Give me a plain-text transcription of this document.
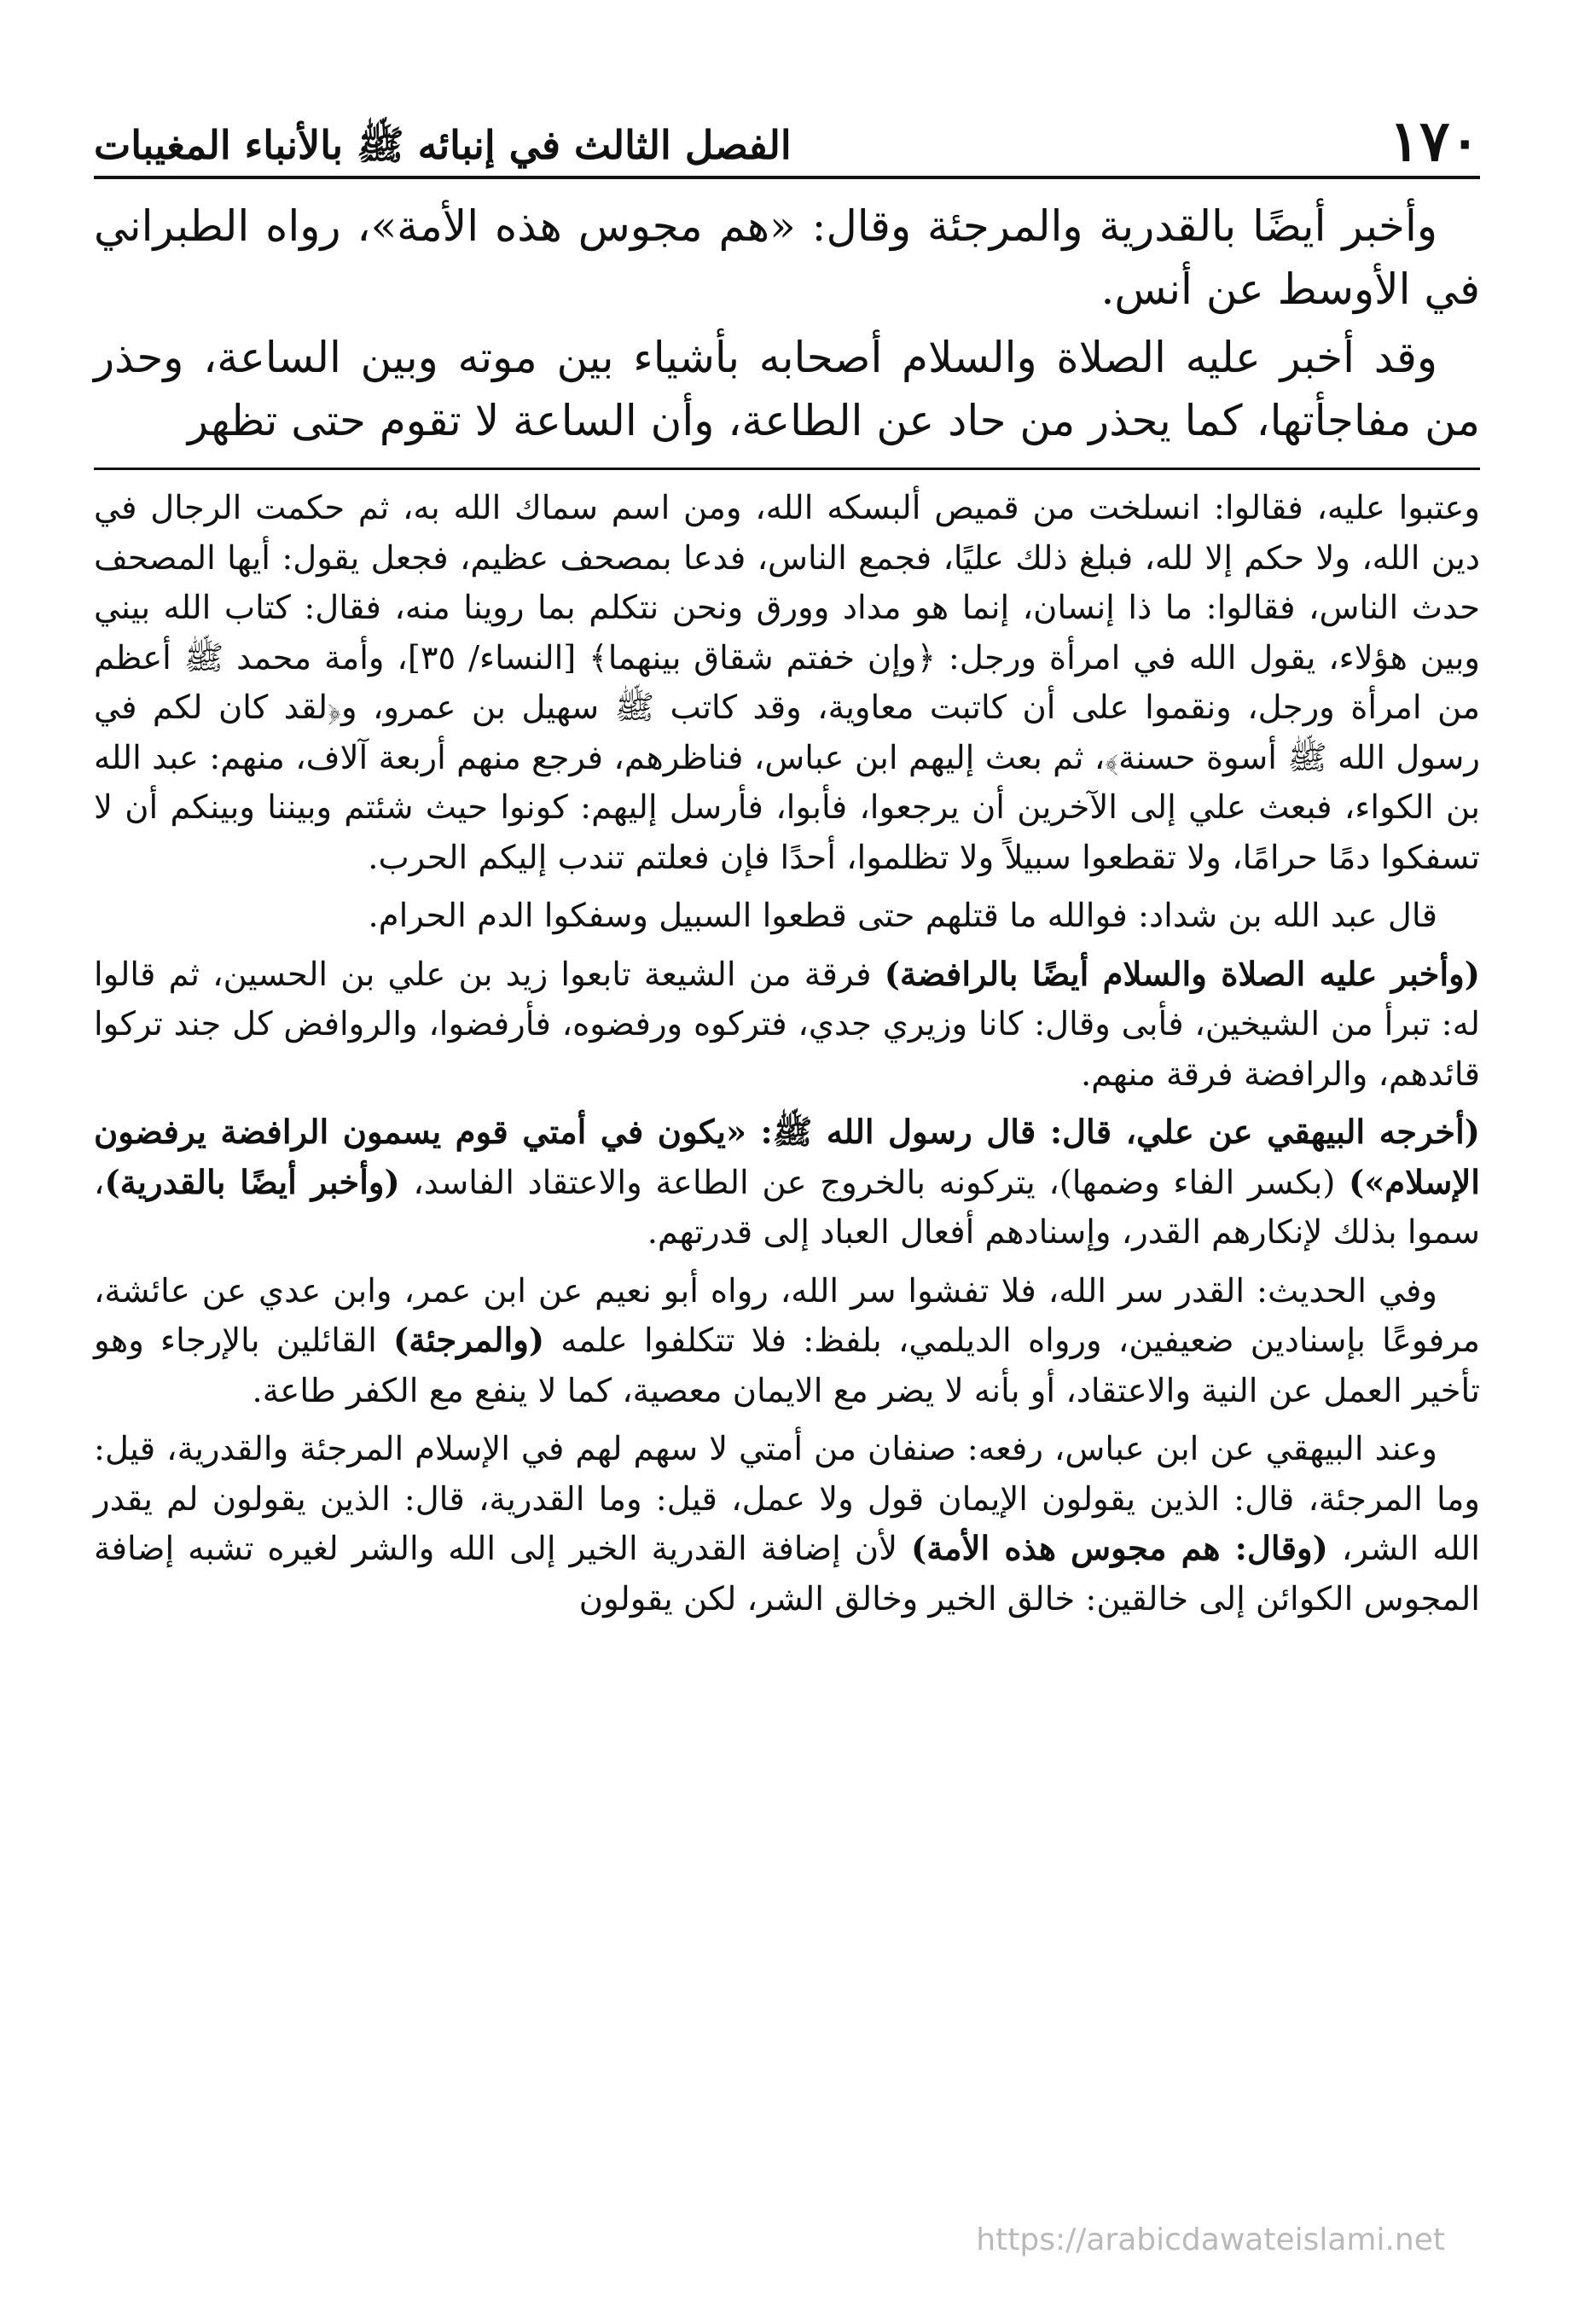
١٧٠
الفصل الثالث في إنبائه ﷺ بالأنباء المغيبات

وأخبر أيضًا بالقدرية والمرجئة وقال: «هم مجوس هذه الأمة»، رواه الطبراني في الأوسط عن أنس.

وقد أخبر عليه الصلاة والسلام أصحابه بأشياء بين موته وبين الساعة، وحذر من مفاجأتها، كما يحذر من حاد عن الطاعة، وأن الساعة لا تقوم حتى تظهر

وعتبوا عليه، فقالوا: انسلخت من قميص ألبسكه الله، ومن اسم سماك الله به، ثم حكمت الرجال في دين الله، ولا حكم إلا لله، فبلغ ذلك عليًا، فجمع الناس، فدعا بمصحف عظيم، فجعل يقول: أيها المصحف حدث الناس، فقالوا: ما ذا إنسان، إنما هو مداد وورق ونحن نتكلم بما روينا منه، فقال: كتاب الله بيني وبين هؤلاء، يقول الله في امرأة ورجل: ﴿وإن خفتم شقاق بينهما﴾ [النساء/ ٣٥]، وأمة محمد ﷺ أعظم من امرأة ورجل، ونقموا على أن كاتبت معاوية، وقد كاتب ﷺ سهيل بن عمرو، و﴿لقد كان لكم في رسول الله ﷺ أسوة حسنة﴾، ثم بعث إليهم ابن عباس، فناظرهم، فرجع منهم أربعة آلاف، منهم: عبد الله بن الكواء، فبعث علي إلى الآخرين أن يرجعوا، فأبوا، فأرسل إليهم: كونوا حيث شئتم وبيننا وبينكم أن لا تسفكوا دمًا حرامًا، ولا تقطعوا سبيلاً ولا تظلموا، أحدًا فإن فعلتم تندب إليكم الحرب.

قال عبد الله بن شداد: فوالله ما قتلهم حتى قطعوا السبيل وسفكوا الدم الحرام.

(وأخبر عليه الصلاة والسلام أيضًا بالرافضة) فرقة من الشيعة تابعوا زيد بن علي بن الحسين، ثم قالوا له: تبرأ من الشيخين، فأبى وقال: كانا وزيري جدي، فتركوه ورفضوه، فأرفضوا، والروافض كل جند تركوا قائدهم، والرافضة فرقة منهم.

(أخرجه البيهقي عن علي، قال: قال رسول الله ﷺ: «يكون في أمتي قوم يسمون الرافضة يرفضون الإسلام») (بكسر الفاء وضمها)، يتركونه بالخروج عن الطاعة والاعتقاد الفاسد، (وأخبر أيضًا بالقدرية)، سموا بذلك لإنكارهم القدر، وإسنادهم أفعال العباد إلى قدرتهم.

وفي الحديث: القدر سر الله، فلا تفشوا سر الله، رواه أبو نعيم عن ابن عمر، وابن عدي عن عائشة، مرفوعًا بإسنادين ضعيفين، ورواه الديلمي، بلفظ: فلا تتكلفوا علمه (والمرجئة) القائلين بالإرجاء وهو تأخير العمل عن النية والاعتقاد، أو بأنه لا يضر مع الايمان معصية، كما لا ينفع مع الكفر طاعة.

وعند البيهقي عن ابن عباس، رفعه: صنفان من أمتي لا سهم لهم في الإسلام المرجئة والقدرية، قيل: وما المرجئة، قال: الذين يقولون الإيمان قول ولا عمل، قيل: وما القدرية، قال: الذين يقولون لم يقدر الله الشر، (وقال: هم مجوس هذه الأمة) لأن إضافة القدرية الخير إلى الله والشر لغيره تشبه إضافة المجوس الكوائن إلى خالقين: خالق الخير وخالق الشر، لكن يقولون

https://arabicdawateislami.net
